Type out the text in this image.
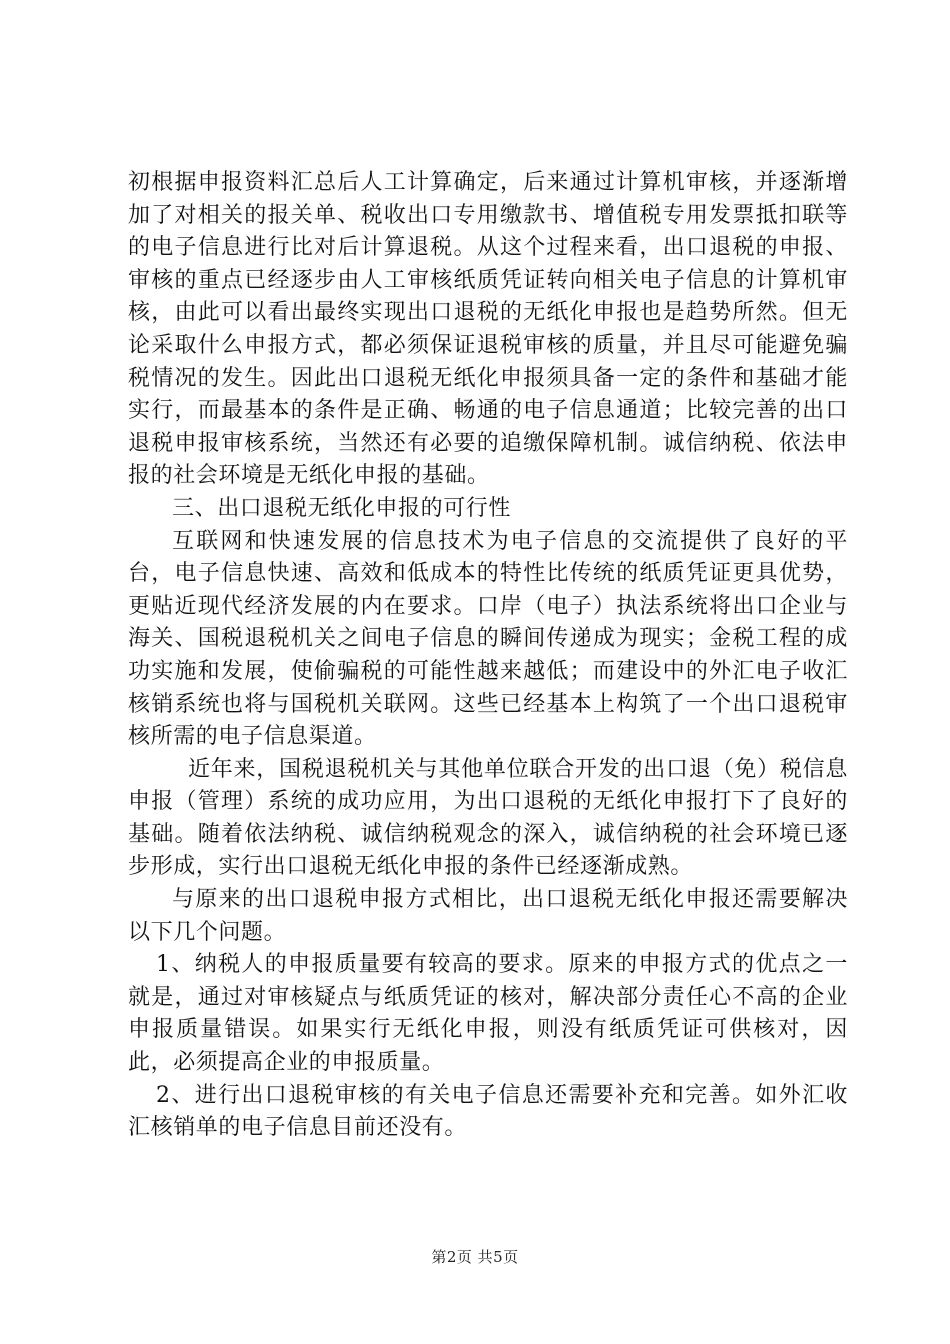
初根据申报资料汇总后人工计算确定，后来通过计算机审核，并逐渐增加了对相关的报关单、税收出口专用缴款书、增值税专用发票抵扣联等的电子信息进行比对后计算退税。从这个过程来看，出口退税的申报、审核的重点已经逐步由人工审核纸质凭证转向相关电子信息的计算机审核，由此可以看出最终实现出口退税的无纸化申报也是趋势所然。但无论采取什么申报方式，都必须保证退税审核的质量，并且尽可能避免骗税情况的发生。因此出口退税无纸化申报须具备一定的条件和基础才能实行，而最基本的条件是正确、畅通的电子信息通道；比较完善的出口退税申报审核系统，当然还有必要的追缴保障机制。诚信纳税、依法申报的社会环境是无纸化申报的基础。

三、出口退税无纸化申报的可行性

互联网和快速发展的信息技术为电子信息的交流提供了良好的平台，电子信息快速、高效和低成本的特性比传统的纸质凭证更具优势，更贴近现代经济发展的内在要求。口岸（电子）执法系统将出口企业与海关、国税退税机关之间电子信息的瞬间传递成为现实；金税工程的成功实施和发展，使偷骗税的可能性越来越低；而建设中的外汇电子收汇核销系统也将与国税机关联网。这些已经基本上构筑了一个出口退税审核所需的电子信息渠道。

近年来，国税退税机关与其他单位联合开发的出口退（免）税信息申报（管理）系统的成功应用，为出口退税的无纸化申报打下了良好的基础。随着依法纳税、诚信纳税观念的深入，诚信纳税的社会环境已逐步形成，实行出口退税无纸化申报的条件已经逐渐成熟。

与原来的出口退税申报方式相比，出口退税无纸化申报还需要解决以下几个问题。

1、纳税人的申报质量要有较高的要求。原来的申报方式的优点之一就是，通过对审核疑点与纸质凭证的核对，解决部分责任心不高的企业申报质量错误。如果实行无纸化申报，则没有纸质凭证可供核对，因此，必须提高企业的申报质量。

2、进行出口退税审核的有关电子信息还需要补充和完善。如外汇收汇核销单的电子信息目前还没有。

第2页 共5页
